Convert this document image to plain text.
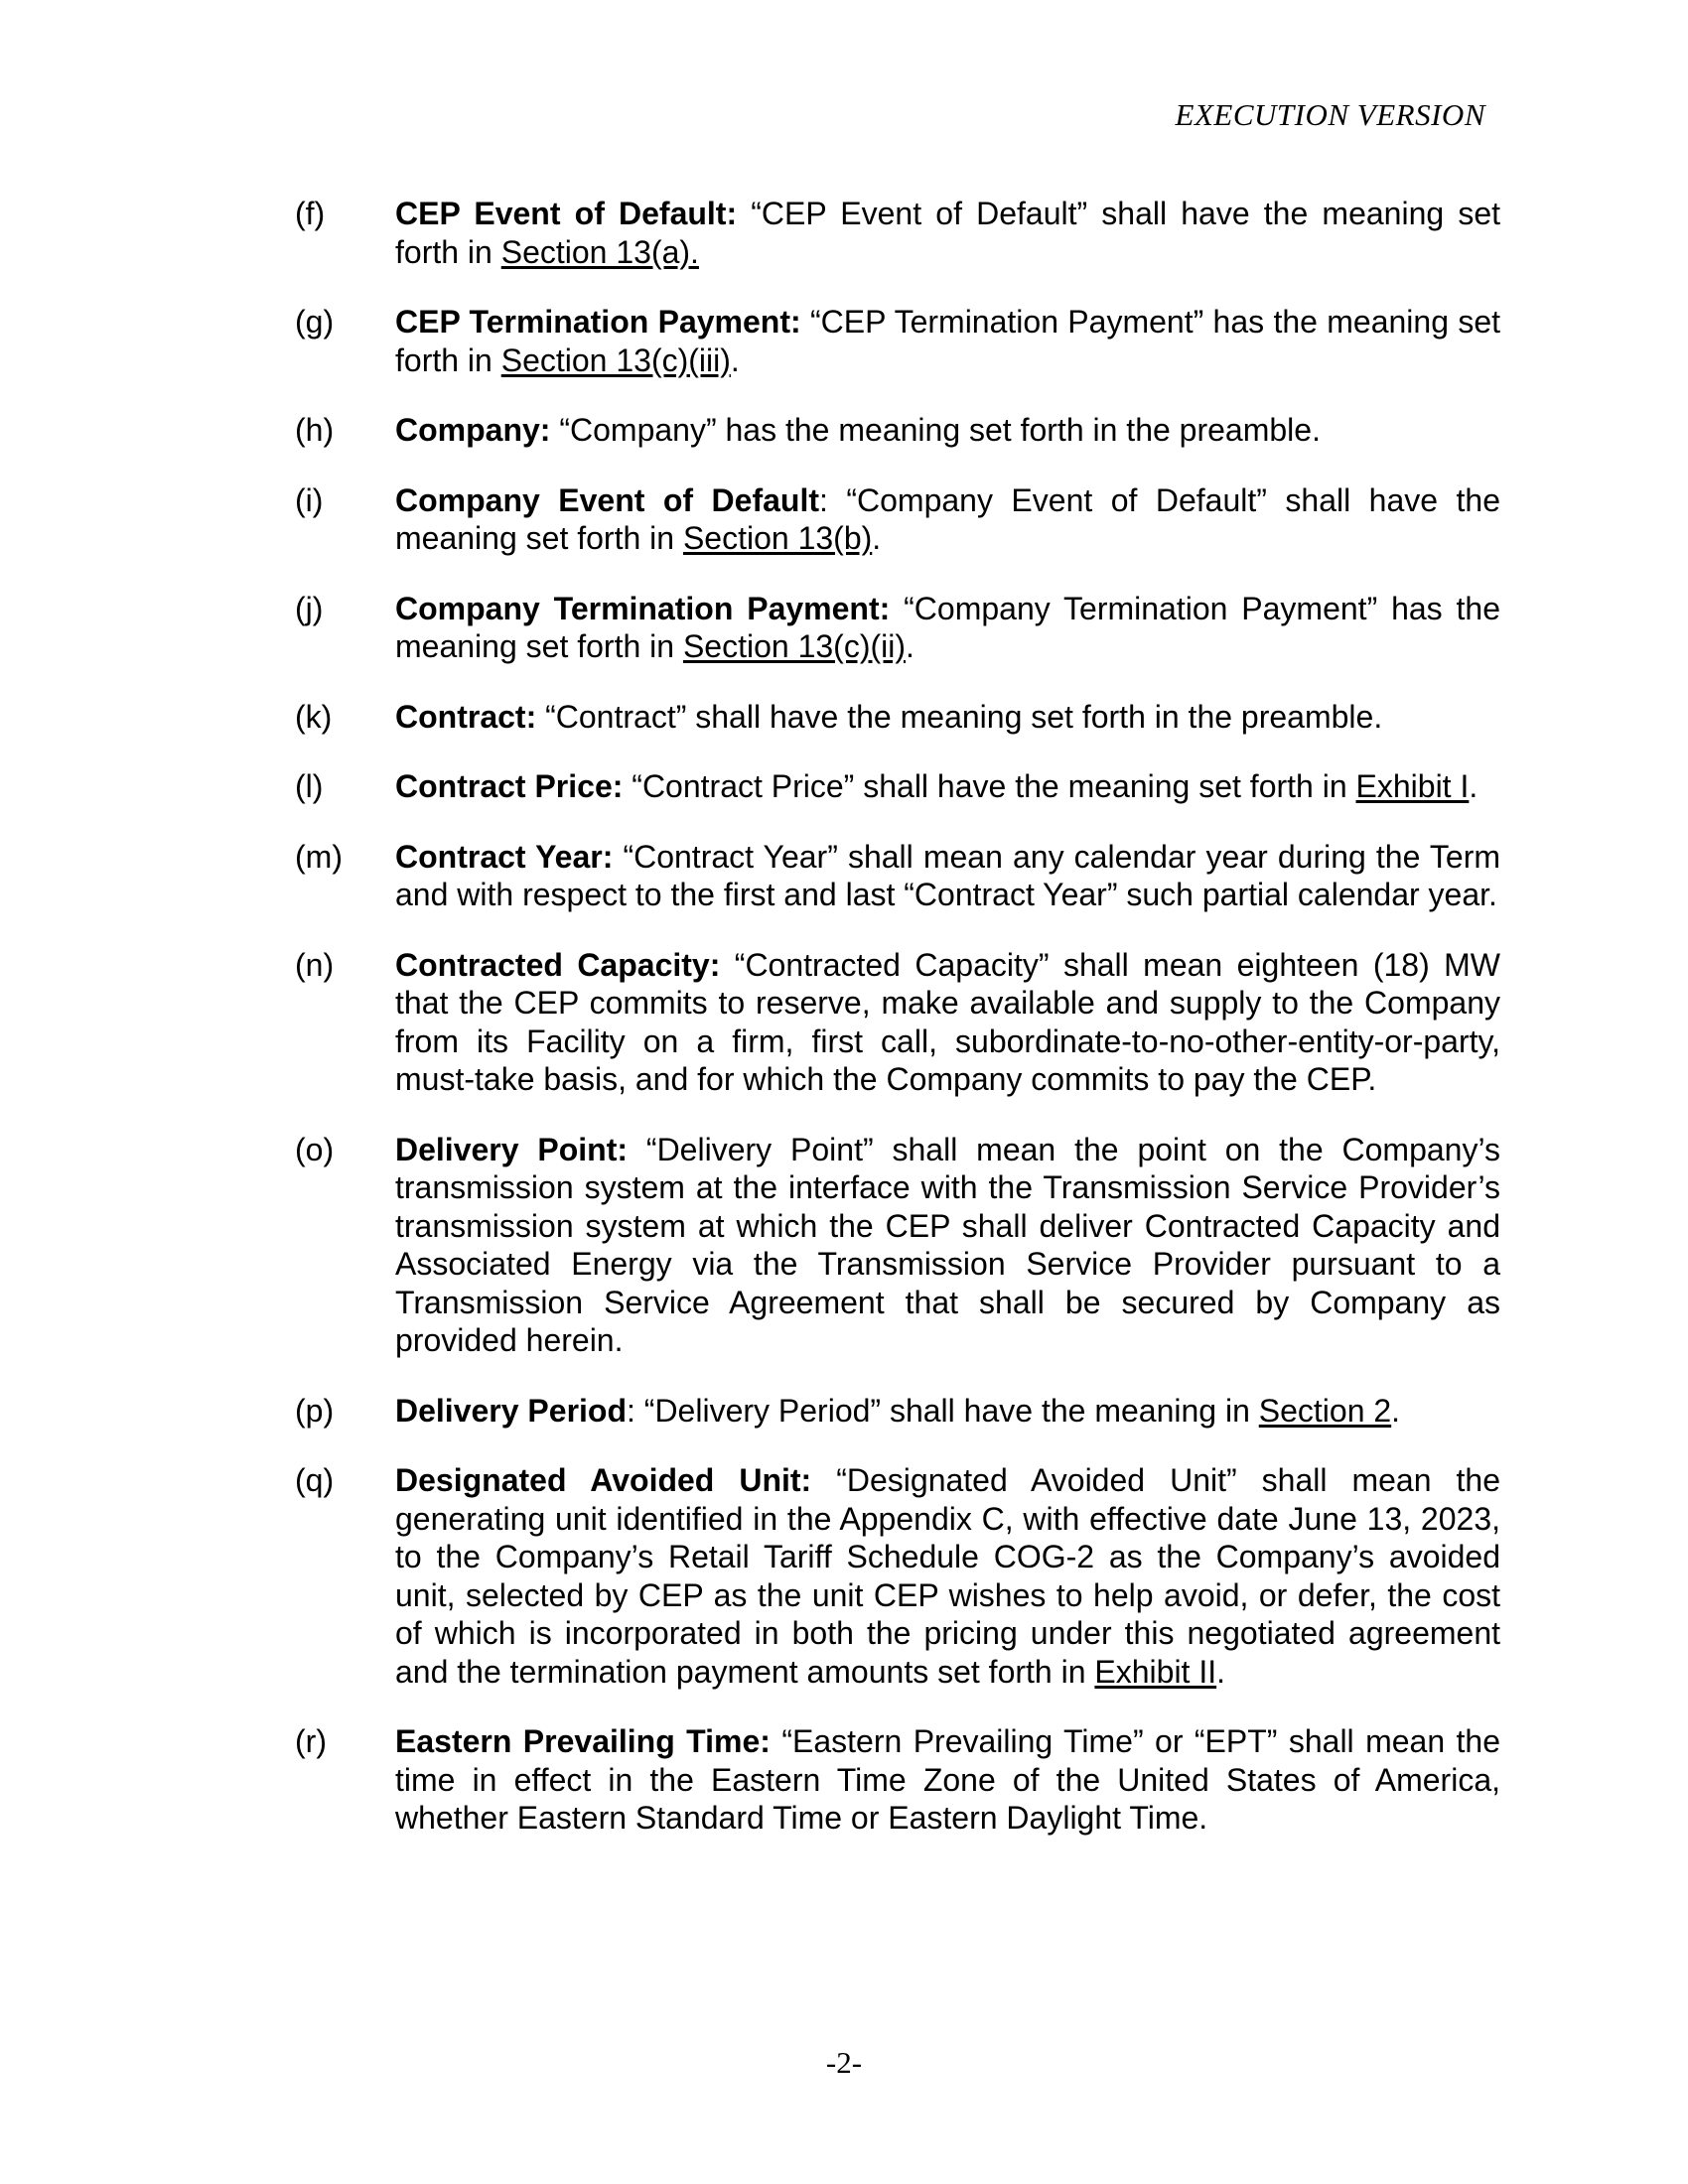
EXECUTION VERSION
(f) CEP Event of Default: “CEP Event of Default” shall have the meaning set forth in Section 13(a).
(g) CEP Termination Payment: “CEP Termination Payment” has the meaning set forth in Section 13(c)(iii).
(h) Company: “Company” has the meaning set forth in the preamble.
(i) Company Event of Default: “Company Event of Default” shall have the meaning set forth in Section 13(b).
(j) Company Termination Payment: “Company Termination Payment” has the meaning set forth in Section 13(c)(ii).
(k) Contract: “Contract” shall have the meaning set forth in the preamble.
(l) Contract Price: “Contract Price” shall have the meaning set forth in Exhibit I.
(m) Contract Year: “Contract Year” shall mean any calendar year during the Term and with respect to the first and last “Contract Year” such partial calendar year.
(n) Contracted Capacity: “Contracted Capacity” shall mean eighteen (18) MW that the CEP commits to reserve, make available and supply to the Company from its Facility on a firm, first call, subordinate-to-no-other-entity-or-party, must-take basis, and for which the Company commits to pay the CEP.
(o) Delivery Point: “Delivery Point” shall mean the point on the Company’s transmission system at the interface with the Transmission Service Provider’s transmission system at which the CEP shall deliver Contracted Capacity and Associated Energy via the Transmission Service Provider pursuant to a Transmission Service Agreement that shall be secured by Company as provided herein.
(p) Delivery Period: “Delivery Period” shall have the meaning in Section 2.
(q) Designated Avoided Unit: “Designated Avoided Unit” shall mean the generating unit identified in the Appendix C, with effective date June 13, 2023, to the Company’s Retail Tariff Schedule COG-2 as the Company’s avoided unit, selected by CEP as the unit CEP wishes to help avoid, or defer, the cost of which is incorporated in both the pricing under this negotiated agreement and the termination payment amounts set forth in Exhibit II.
(r) Eastern Prevailing Time: “Eastern Prevailing Time” or “EPT” shall mean the time in effect in the Eastern Time Zone of the United States of America, whether Eastern Standard Time or Eastern Daylight Time.
-2-
